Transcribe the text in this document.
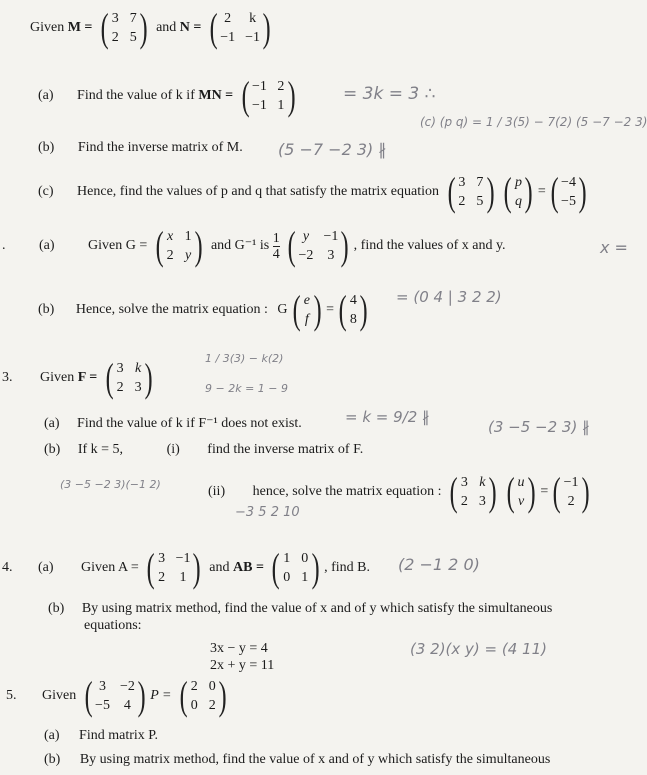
Given M = ( 3 7
2 5 ) and N = ( 2 k
−1 −1 )
(a) Find the value of k if MN = ( −1 2
−1 1 )
(b) Find the inverse matrix of M.
(c) Hence, find the values of p and q that satisfy the matrix equation ( 3 7
2 5 ) ( p
q ) = ( −4
−5 )
. (a) Given G = ( x 1
2 y ) and G⁻¹ is $\frac{1}{4}$
( y	−1
−2 3 ) , find the values of x and y.
(b) Hence, solve the matrix equation : G ( e
f ) = ( 4
8 )
3. Given F = ( 3 k
2 3 )
(a) Find the value of k if F⁻¹ does not exist.
(b) If k = 5,	(i) find the inverse matrix of F.
(ii) hence, solve the matrix equation : ( 3 k
2 3 ) ( u
v ) = ( −1
2 )
4. (a) Given A = ( 3 −1
2 1 ) and AB = ( 1 0
0 1 ) , find B.
(b) By using matrix method, find the value of x and of y which satisfy the simultaneous
equations:
3x − y = 4
2x + y = 11
5. Given ( 3 −2
−5 4 ) P = ( 2 0
0 2 )
(a) Find matrix P.
(b) By using matrix method, find the value of x and of y which satisfy the simultaneous
= 3k = 3 ∴
(c) (p q) = 1 / 3(5) − 7(2) (5 −7 −2 3)
(5 −7 −2 3) ∦
x =
= (0 4 | 3 2 2)
1 / 3(3) − k(2)
9 − 2k = 1 − 9
= k = 9/2 ∦
(3 −5 −2 3) ∦
(3 −5 −2 3)(−1 2)
−3 5 2 10
(2 −1 2 0)
(3 2)(x y) = (4 11)
